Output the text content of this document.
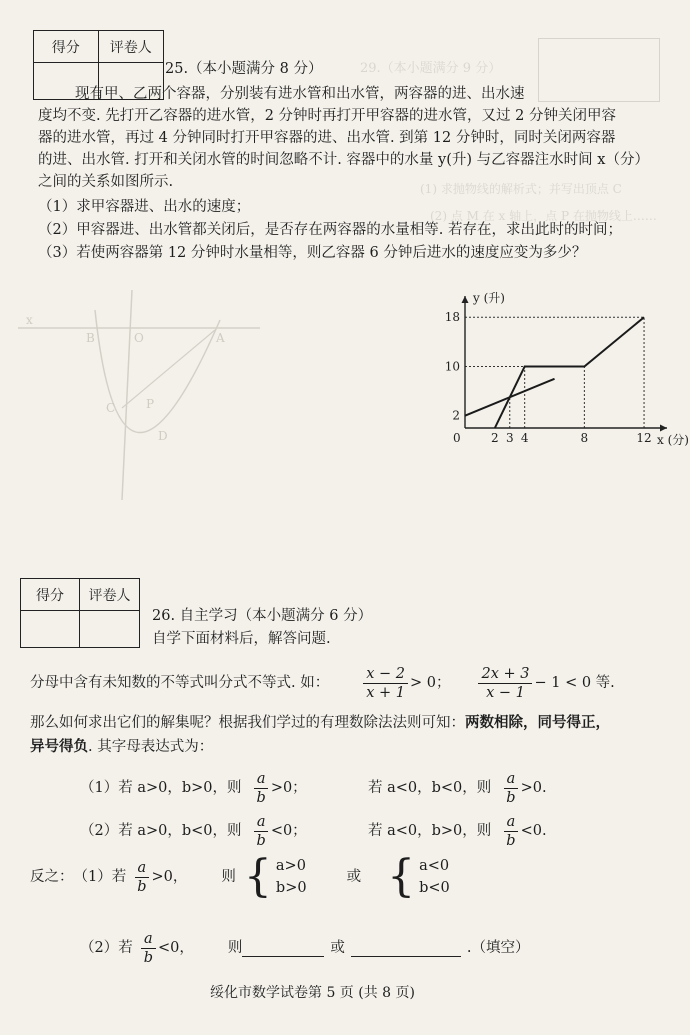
29.（本小题满分 9 分）
(1) 求抛物线的解析式；并写出顶点 C
(2) 点 M 在 x 轴上，点 P 在抛物线上……
A
B	O
C
D
P
x
得分	评卷人
25.（本小题满分 8 分）
现有甲、乙两个容器，分别装有进水管和出水管，两容器的进、出水速
度均不变. 先打开乙容器的进水管，2 分钟时再打开甲容器的进水管，又过 2 分钟关闭甲容
器的进水管，再过 4 分钟同时打开甲容器的进、出水管. 到第 12 分钟时，同时关闭两容器
的进、出水管. 打开和关闭水管的时间忽略不计. 容器中的水量 y(升) 与乙容器注水时间 x（分）
之间的关系如图所示.
（1）求甲容器进、出水的速度；
（2）甲容器进、出水管都关闭后，是否存在两容器的水量相等. 若存在，求出此时的时间；
（3）若使两容器第 12 分钟时水量相等，则乙容器 6 分钟后进水的速度应变为多少？
y (升)
x (分)
0
18
10
2
2 3 4	8	12
得分	评卷人
26. 自主学习（本小题满分 6 分）
自学下面材料后，解答问题.
分母中含有未知数的不等式叫分式不等式. 如： $\frac{x - 2}{x + 1} > 0$； $\frac{2x + 3}{x - 1} - 1 < 0$ 等.
那么如何求出它们的解集呢？根据我们学过的有理数除法法则可知：两数相除，同号得正，
异号得负. 其字母表达式为：
（1）若 a>0，b>0，则 $\frac{a}{b} >0$；	若 a<0，b<0，则 $\frac{a}{b} >0$.
（2）若 a>0，b<0，则 $\frac{a}{b} <0$；	若 a<0，b>0，则 $\frac{a}{b} <0$.
反之： （1）若 $\frac{a}{b} >0$， 则 { a>0
b>0
或 { a<0
b<0
（2）若 $\frac{a}{b} <0$， 则	或	.（填空）
绥化市数学试卷第 5 页 (共 8 页)
